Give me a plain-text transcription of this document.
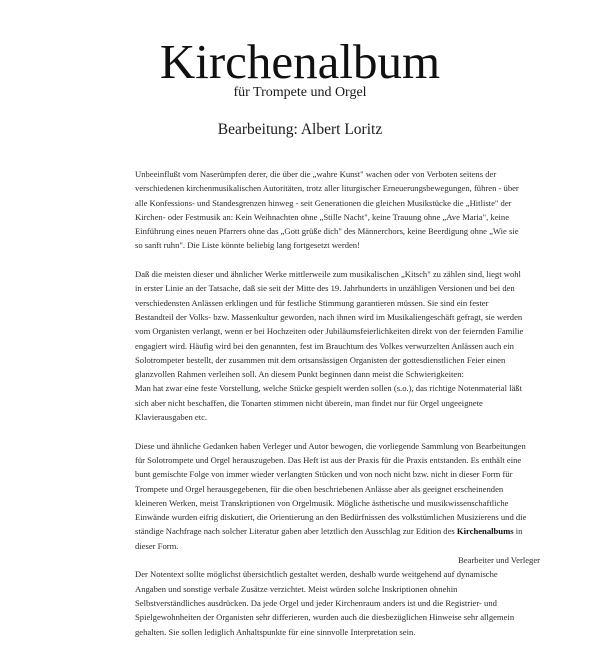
Kirchenalbum
für Trompete und Orgel
Bearbeitung: Albert Loritz

Unbeeinflußt vom Naserümpfen derer, die über die „wahre Kunst" wachen oder von Verboten seitens der
verschiedenen kirchenmusikalischen Autoritäten, trotz aller liturgischer Erneuerungsbewegungen, führen - über
alle Konfessions- und Standesgrenzen hinweg - seit Generationen die gleichen Musikstücke die „Hitliste" der
Kirchen- oder Festmusik an: Kein Weihnachten ohne „Stille Nacht", keine Trauung ohne „Ave Maria", keine
Einführung eines neuen Pfarrers ohne das „Gott grüße dich" des Männerchors, keine Beerdigung ohne „Wie sie
so sanft ruhn". Die Liste könnte beliebig lang fortgesetzt werden!

Daß die meisten dieser und ähnlicher Werke mittlerweile zum musikalischen „Kitsch" zu zählen sind, liegt wohl
in erster Linie an der Tatsache, daß sie seit der Mitte des 19. Jahrhunderts in unzähligen Versionen und bei den
verschiedensten Anlässen erklingen und für festliche Stimmung garantieren müssen. Sie sind ein fester
Bestandteil der Volks- bzw. Massenkultur geworden, nach ihnen wird im Musikaliengeschäft gefragt, sie werden
vom Organisten verlangt, wenn er bei Hochzeiten oder Jubiläumsfeierlichkeiten direkt von der feiernden Familie
engagiert wird. Häufig wird bei den genannten, fest im Brauchtum des Volkes verwurzelten Anlässen auch ein
Solotrompeter bestellt, der zusammen mit dem ortsansässigen Organisten der gottesdienstlichen Feier einen
glanzvollen Rahmen verleihen soll. An diesem Punkt beginnen dann meist die Schwierigkeiten:
Man hat zwar eine feste Vorstellung, welche Stücke gespielt werden sollen (s.o.), das richtige Notenmaterial läßt
sich aber nicht beschaffen, die Tonarten stimmen nicht überein, man findet nur für Orgel ungeeignete
Klavierausgaben etc.

Diese und ähnliche Gedanken haben Verleger und Autor bewogen, die vorliegende Sammlung von Bearbeitungen
für Solotrompete und Orgel herauszugeben. Das Heft ist aus der Praxis für die Praxis entstanden. Es enthält eine
bunt gemischte Folge von immer wieder verlangten Stücken und von noch nicht bzw. nicht in dieser Form für
Trompete und Orgel herausgegebenen, für die oben beschriebenen Anlässe aber als geeignet erscheinenden
kleineren Werken, meist Transkriptionen von Orgelmusik. Mögliche ästhetische und musikwissenschaftliche
Einwände wurden eifrig diskutiert, die Orientierung an den Bedürfnissen des volkstümlichen Musizierens und die
ständige Nachfrage nach solcher Literatur gaben aber letztlich den Ausschlag zur Edition des Kirchenalbums in
dieser Form.

Der Notentext sollte möglichst übersichtlich gestaltet werden, deshalb wurde weitgehend auf dynamische
Angaben und sonstige verbale Zusätze verzichtet. Meist würden solche Inskriptionen ohnehin
Selbstverständliches ausdrücken. Da jede Orgel und jeder Kirchenraum anders ist und die Registrier- und
Spielgewohnheiten der Organisten sehr differieren, wurden auch die diesbezüglichen Hinweise sehr allgemein
gehalten. Sie sollen lediglich Anhaltspunkte für eine sinnvolle Interpretation sein.

Bearbeiter und Verleger
